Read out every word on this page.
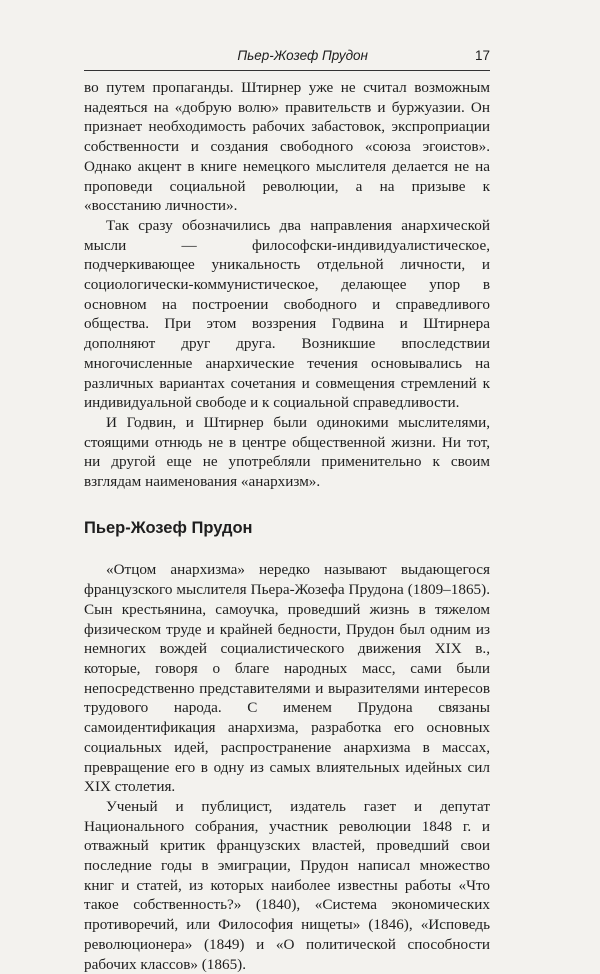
Пьер-Жозеф Прудон	17

во путем пропаганды. Штирнер уже не считал возможным надеяться на «добрую волю» правительств и буржуазии. Он признает необходимость рабочих забастовок, экспроприации собственности и создания свободного «союза эгоистов». Однако акцент в книге немецкого мыслителя делается не на проповеди социальной революции, а на призыве к «восстанию личности».

Так сразу обозначились два направления анархической мысли — философски-индивидуалистическое, подчеркивающее уникальность отдельной личности, и социологически-коммунистическое, делающее упор в основном на построении свободного и справедливого общества. При этом воззрения Годвина и Штирнера дополняют друг друга. Возникшие впоследствии многочисленные анархические течения основывались на различных вариантах сочетания и совмещения стремлений к индивидуальной свободе и к социальной справедливости.

И Годвин, и Штирнер были одинокими мыслителями, стоящими отнюдь не в центре общественной жизни. Ни тот, ни другой еще не употребляли применительно к своим взглядам наименования «анархизм».

Пьер-Жозеф Прудон

«Отцом анархизма» нередко называют выдающегося французского мыслителя Пьера-Жозефа Прудона (1809–1865). Сын крестьянина, самоучка, проведший жизнь в тяжелом физическом труде и крайней бедности, Прудон был одним из немногих вождей социалистического движения XIX в., которые, говоря о благе народных масс, сами были непосредственно представителями и выразителями интересов трудового народа. С именем Прудона связаны самоидентификация анархизма, разработка его основных социальных идей, распространение анархизма в массах, превращение его в одну из самых влиятельных идейных сил XIX столетия.

Ученый и публицист, издатель газет и депутат Национального собрания, участник революции 1848 г. и отважный критик французских властей, проведший свои последние годы в эмиграции, Прудон написал множество книг и статей, из которых наиболее известны работы «Что такое собственность?» (1840), «Система экономических противоречий, или Философия нищеты» (1846), «Исповедь революционера» (1849) и «О политической способности рабочих классов» (1865).
